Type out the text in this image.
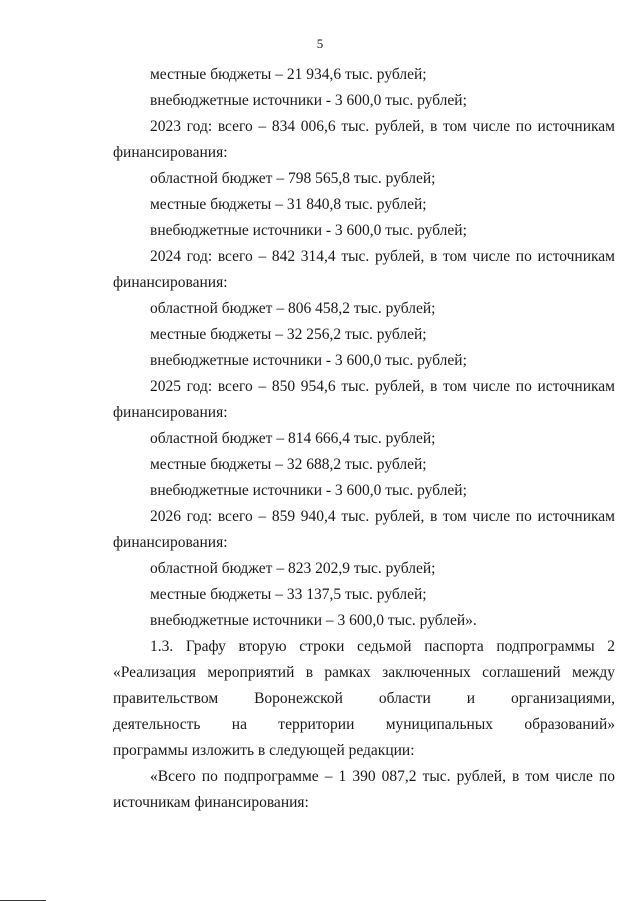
5
местные бюджеты – 21 934,6 тыс. рублей;
внебюджетные источники - 3 600,0 тыс. рублей;
2023 год: всего – 834 006,6 тыс. рублей, в том числе по источникам
финансирования:
областной бюджет – 798 565,8 тыс. рублей;
местные бюджеты – 31 840,8 тыс. рублей;
внебюджетные источники - 3 600,0 тыс. рублей;
2024 год: всего – 842 314,4 тыс. рублей, в том числе по источникам
финансирования:
областной бюджет – 806 458,2 тыс. рублей;
местные бюджеты – 32 256,2 тыс. рублей;
внебюджетные источники - 3 600,0 тыс. рублей;
2025 год: всего – 850 954,6 тыс. рублей, в том числе по источникам
финансирования:
областной бюджет – 814 666,4 тыс. рублей;
местные бюджеты – 32 688,2 тыс. рублей;
внебюджетные источники - 3 600,0 тыс. рублей;
2026 год: всего – 859 940,4 тыс. рублей, в том числе по источникам
финансирования:
областной бюджет – 823 202,9 тыс. рублей;
местные бюджеты – 33 137,5 тыс. рублей;
внебюджетные источники – 3 600,0 тыс. рублей».
1.3. Графу вторую строки седьмой паспорта подпрограммы 2
«Реализация мероприятий в рамках заключенных соглашений между
правительством Воронежской области и организациями,
деятельность на территории муниципальных образований»
программы изложить в следующей редакции:
«Всего по подпрограмме – 1 390 087,2 тыс. рублей, в том числе по
источникам финансирования:
